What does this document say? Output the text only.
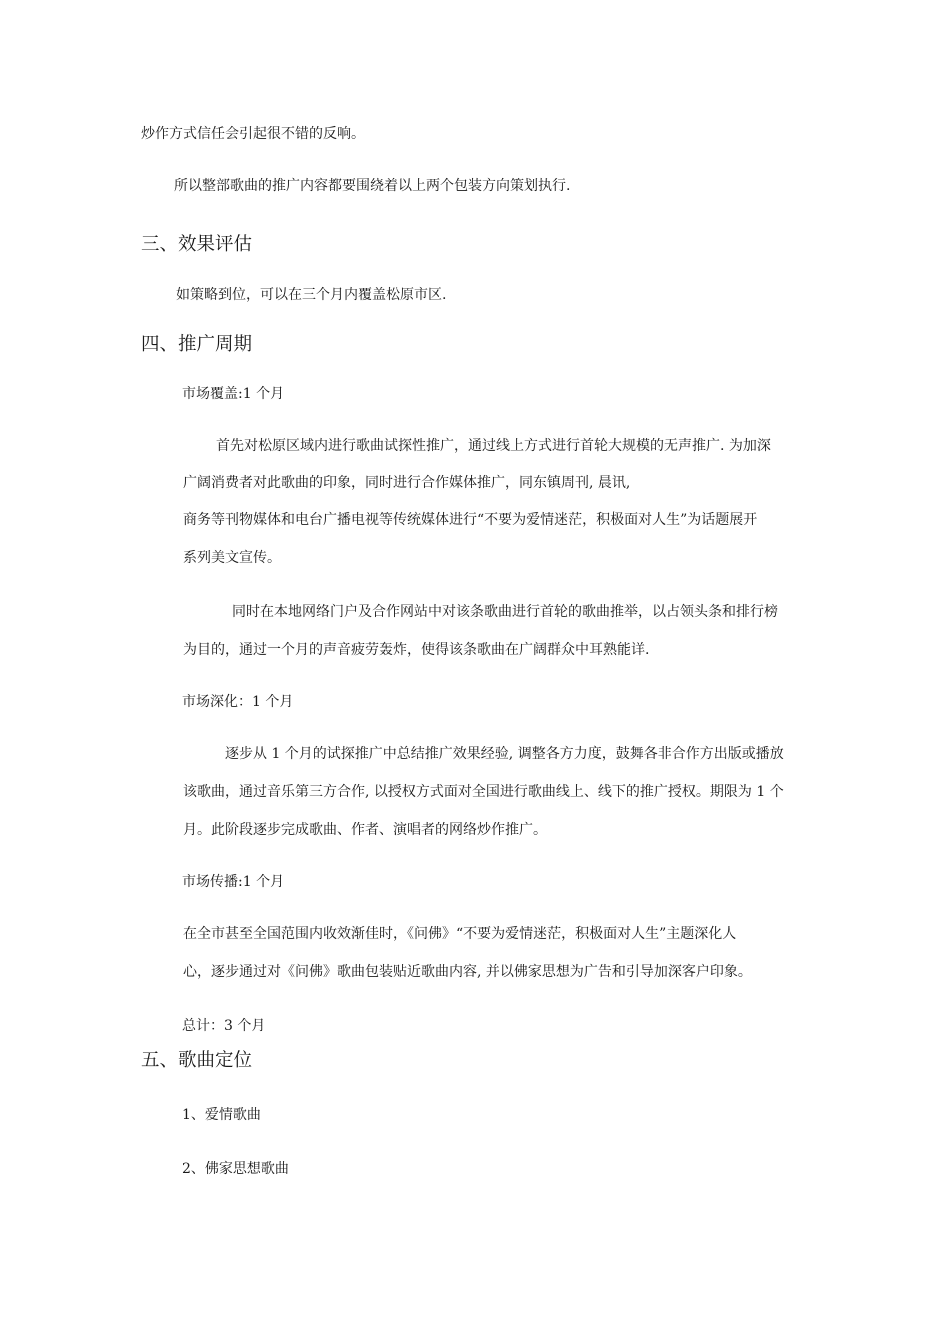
炒作方式信任会引起很不错的反响。
所以整部歌曲的推广内容都要围绕着以上两个包装方向策划执行.
三、效果评估
如策略到位，可以在三个月内覆盖松原市区.
四、推广周期
市场覆盖:1 个月
首先对松原区域内进行歌曲试探性推广，通过线上方式进行首轮大规模的无声推广. 为加深
广阔消费者对此歌曲的印象，同时进行合作媒体推广，同东镇周刊, 晨讯,
商务等刊物媒体和电台广播电视等传统媒体进行“不要为爱情迷茫，积极面对人生”为话题展开
系列美文宣传。
同时在本地网络门户及合作网站中对该条歌曲进行首轮的歌曲推举，以占领头条和排行榜
为目的，通过一个月的声音疲劳轰炸，使得该条歌曲在广阔群众中耳熟能详.
市场深化：1 个月
逐步从 1 个月的试探推广中总结推广效果经验, 调整各方力度，鼓舞各非合作方出版或播放
该歌曲，通过音乐第三方合作, 以授权方式面对全国进行歌曲线上、线下的推广授权。期限为 1 个
月。此阶段逐步完成歌曲、作者、演唱者的网络炒作推广。
市场传播:1 个月
在全市甚至全国范围内收效渐佳时，《问佛》“不要为爱情迷茫，积极面对人生”主题深化人
心，逐步通过对《问佛》歌曲包装贴近歌曲内容, 并以佛家思想为广告和引导加深客户印象。
总计：3 个月
五、歌曲定位
1、爱情歌曲
2、佛家思想歌曲
